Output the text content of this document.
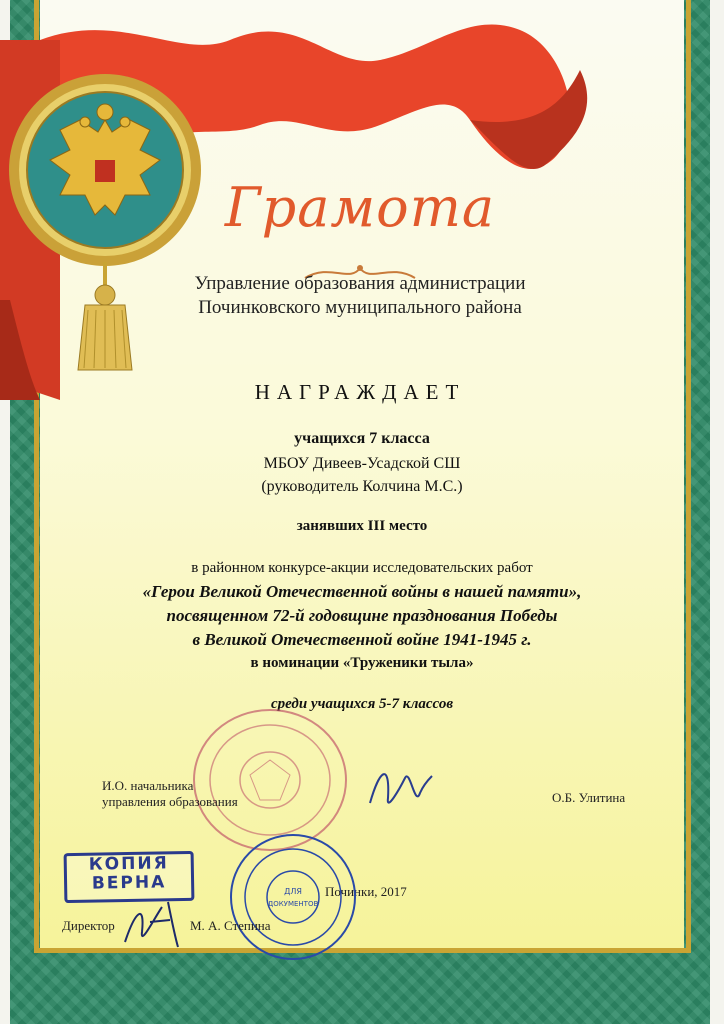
Грамота
Управление образования администрации
Починковского муниципального района
НАГРАЖДАЕТ
учащихся 7 класса
МБОУ Дивеев-Усадской СШ
(руководитель Колчина М.С.)
занявших III место
в районном конкурсе-акции исследовательских работ
«Герои Великой Отечественной войны в нашей памяти»,
посвященном 72-й годовщине празднования Победы
в Великой Отечественной войне 1941-1945 г.
в номинации «Труженики тыла»
среди учащихся 5-7 классов
И.О. начальника
управления образования	О.Б. Улитина
КОПИЯ
ВЕРНА	Починки, 2017
ДЛЯ
ДОКУМЕНТОВ
Директор	М. А. Степина
